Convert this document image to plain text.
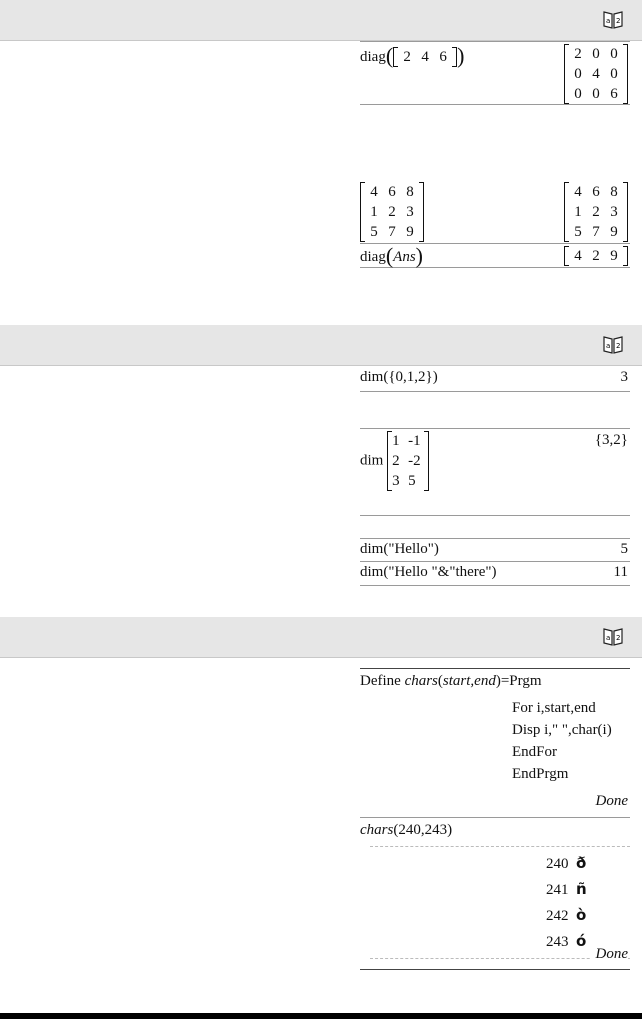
a 2
a 2
a 2
diag( 2 4 6 )	2 0 0
0 4 0
0 0 6
4 6 8
1 2 3
5 7 9
4 6 8
1 2 3
5 7 9
diag(Ans)	4 2 9
dim({0,1,2})	3
dim
1 -1
2 -2
3 5
{3,2}
dim("Hello")	5
dim("Hello "&"there")	11
Define chars(start,end)=Prgm
For i,start,end
Disp i," ",char(i)
EndFor
EndPrgm
Done
chars(240,243)
240 ð
241 ñ
242 ò
243 ó
Done
